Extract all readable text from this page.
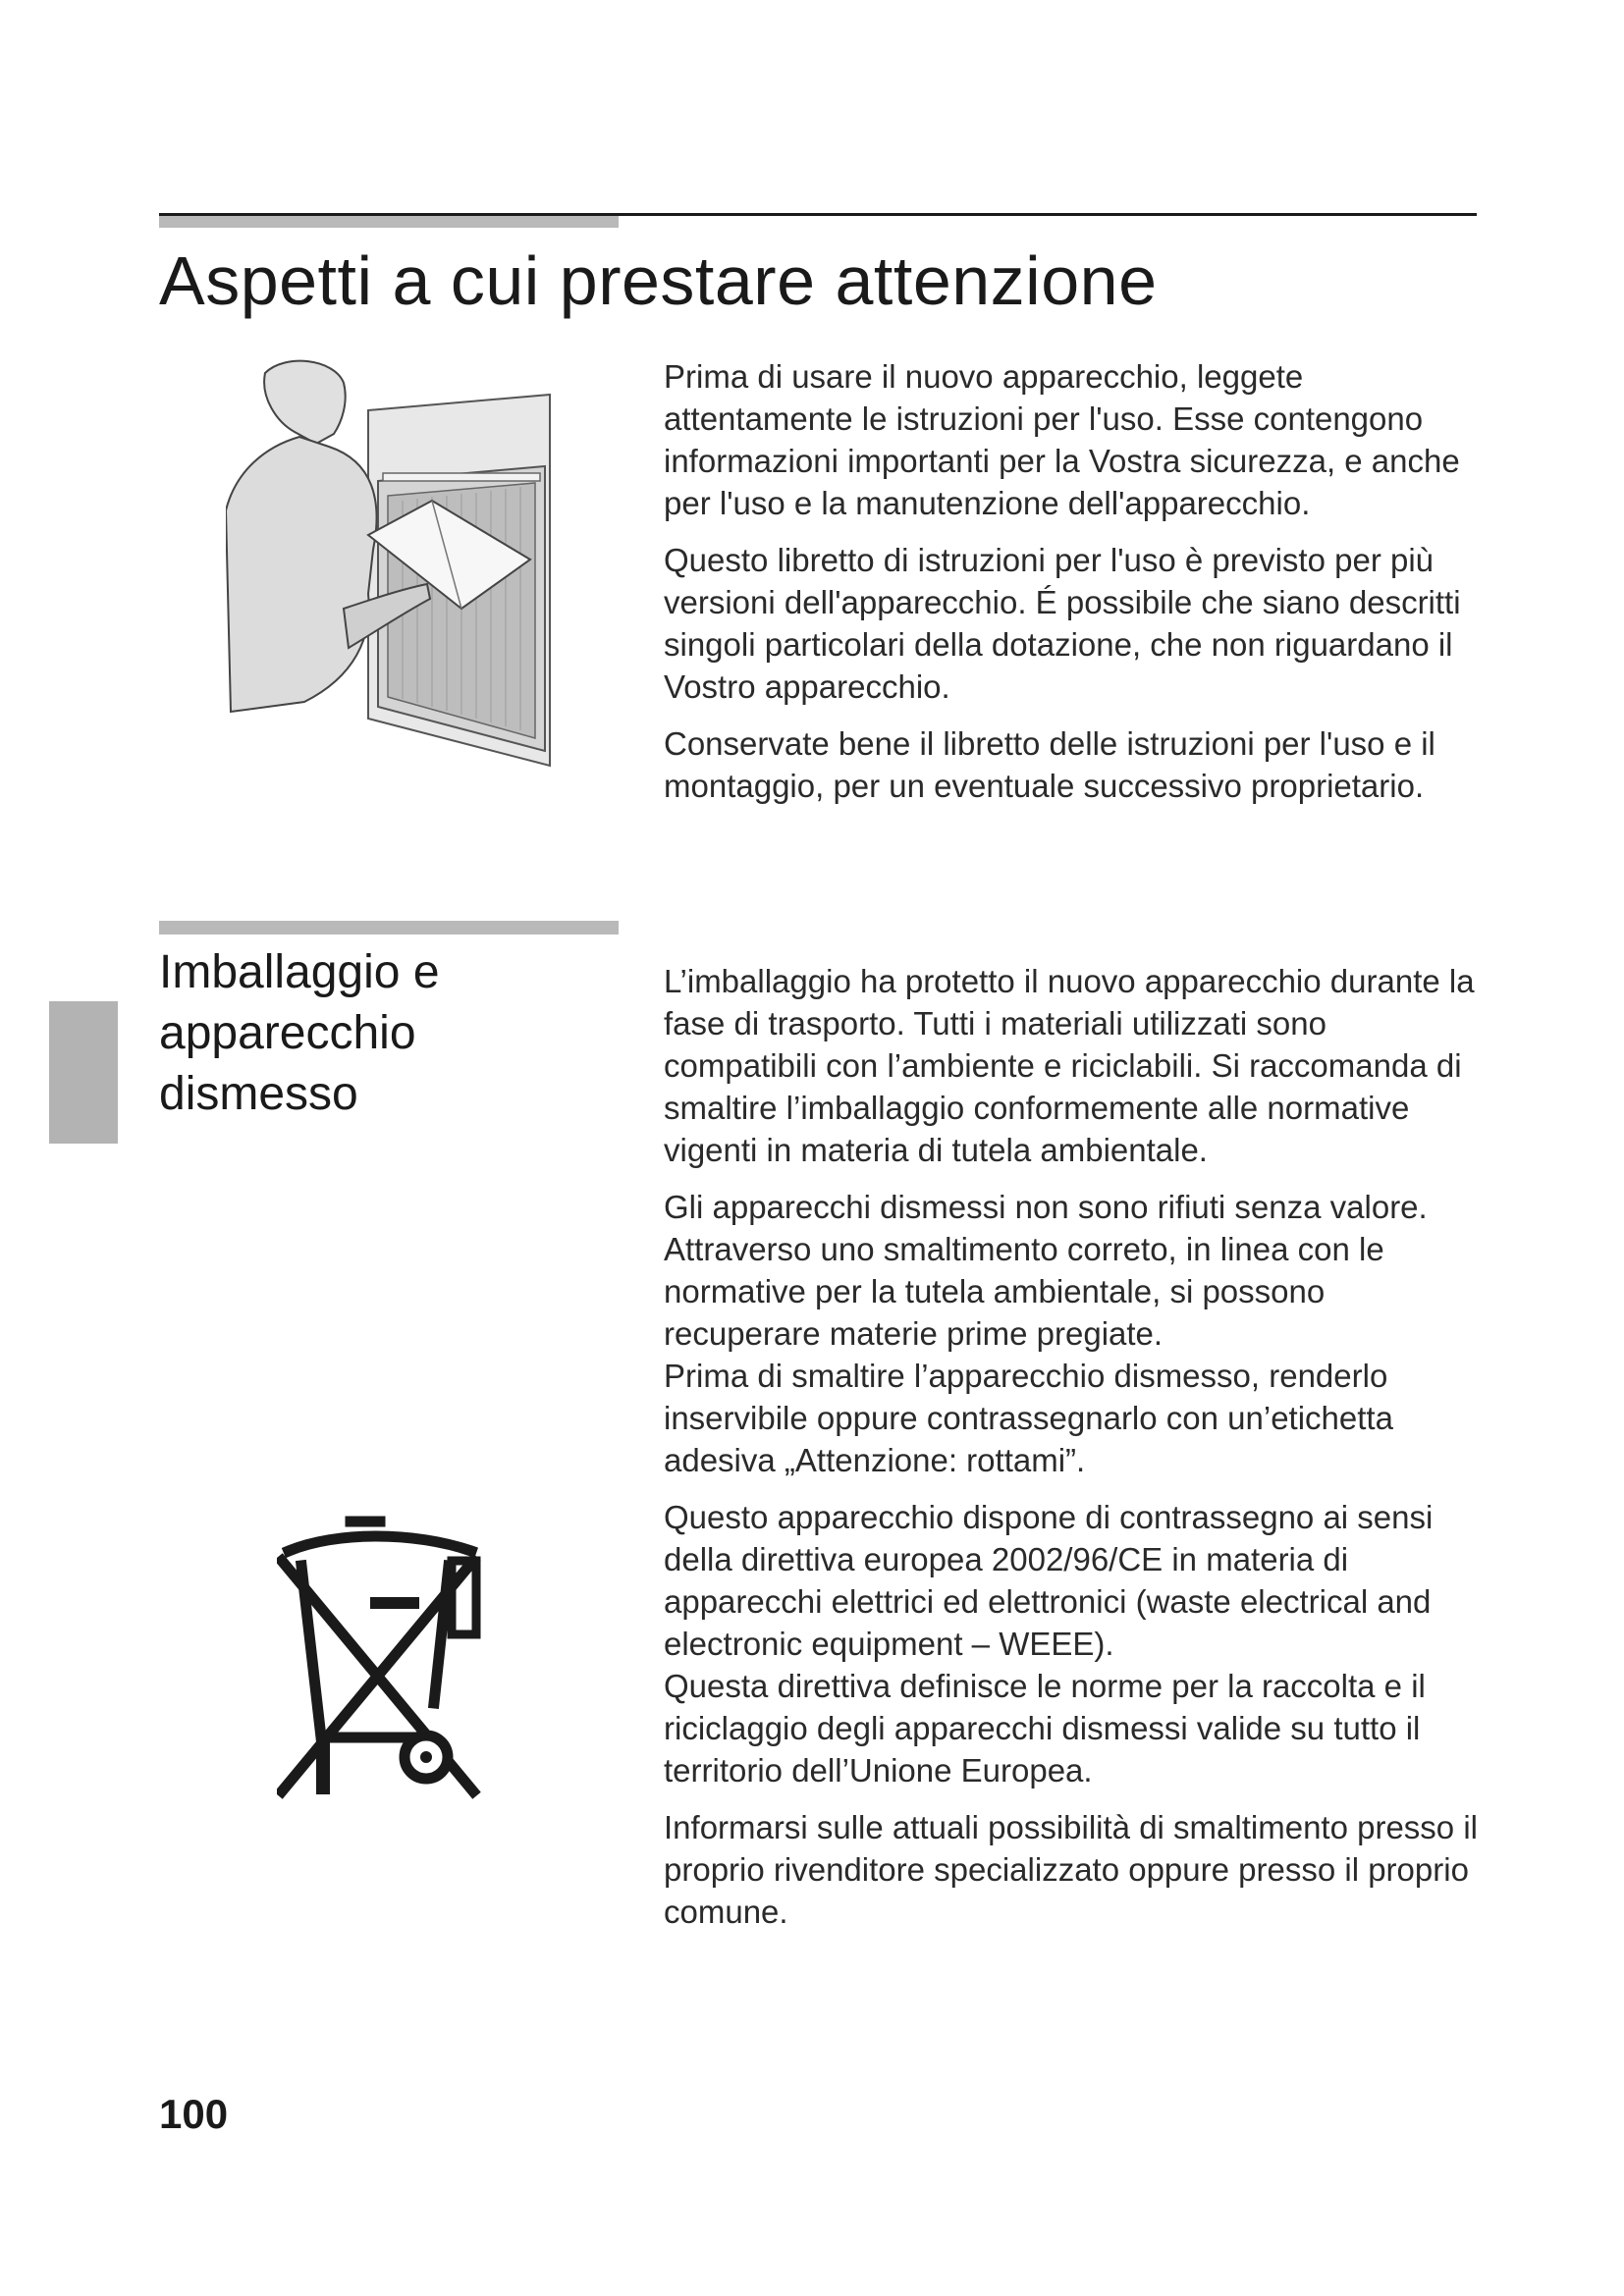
Aspetti a cui prestare attenzione

Prima di usare il nuovo apparecchio, leggete attentamente le istruzioni per l'uso. Esse contengono informazioni importanti per la Vostra sicurezza, e anche per l'uso e la manutenzione dell'apparecchio.

Questo libretto di istruzioni per l'uso è previsto per più versioni dell'apparecchio. É possibile che siano descritti singoli particolari della dotazione, che non riguardano il Vostro apparecchio.

Conservate bene il libretto delle istruzioni per l'uso e il montaggio, per un eventuale successivo proprietario.

Imballaggio e
apparecchio
dismesso

L’imballaggio ha protetto il nuovo apparecchio durante la fase di trasporto. Tutti i materiali utilizzati sono compatibili con l’ambiente e riciclabili. Si raccomanda di smaltire l’imballaggio conformemente alle normative vigenti in materia di tutela ambientale.

Gli apparecchi dismessi non sono rifiuti senza valore. Attraverso uno smaltimento correto, in linea con le normative per la tutela ambientale, si possono recuperare materie prime pregiate.

Prima di smaltire l’apparecchio dismesso, renderlo inservibile oppure contrassegnarlo con un’etichetta adesiva „Attenzione: rottami”.

Questo apparecchio dispone di contrassegno ai sensi della direttiva europea 2002/96/CE in materia di apparecchi elettrici ed elettronici (waste electrical and electronic equipment – WEEE).

Questa direttiva definisce le norme per la raccolta e il riciclaggio degli apparecchi dismessi valide su tutto il territorio dell’Unione Europea.

Informarsi sulle attuali possibilità di smaltimento presso il proprio rivenditore specializzato oppure presso il proprio comune.

100
